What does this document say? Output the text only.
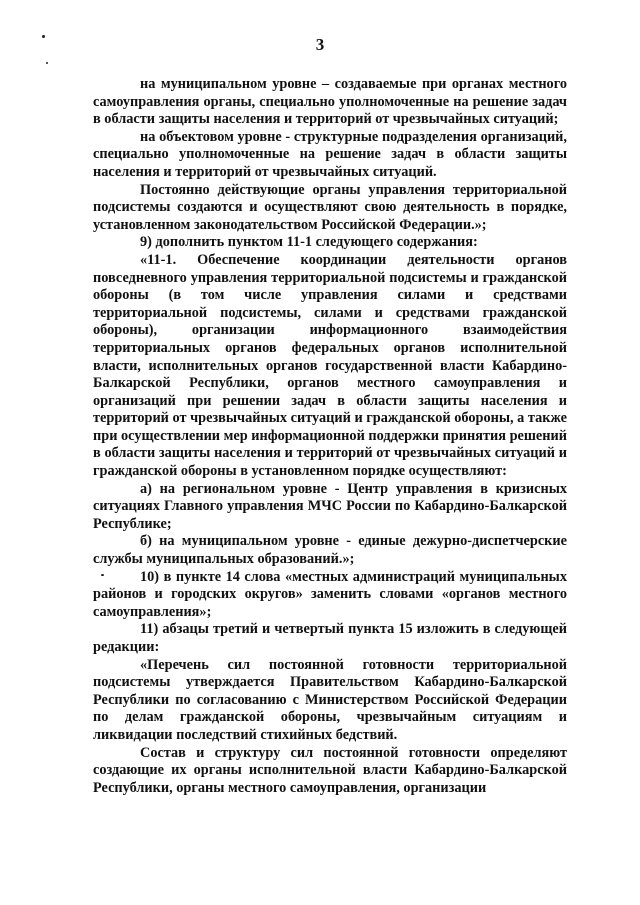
3

на муниципальном уровне – создаваемые при органах местного самоуправления органы, специально уполномоченные на решение задач в области защиты населения и территорий от чрезвычайных ситуаций;

на объектовом уровне - структурные подразделения организаций, специально уполномоченные на решение задач в области защиты населения и территорий от чрезвычайных ситуаций.

Постоянно действующие органы управления территориальной подсистемы создаются и осуществляют свою деятельность в порядке, установленном законодательством Российской Федерации.»;

9) дополнить пунктом 11-1 следующего содержания:

«11-1. Обеспечение координации деятельности органов повседневного управления территориальной подсистемы и гражданской обороны (в том числе управления силами и средствами территориальной подсистемы, силами и средствами гражданской обороны), организации информационного взаимодействия территориальных органов федеральных органов исполнительной власти, исполнительных органов государственной власти Кабардино-Балкарской Республики, органов местного самоуправления и организаций при решении задач в области защиты населения и территорий от чрезвычайных ситуаций и гражданской обороны, а также при осуществлении мер информационной поддержки принятия решений в области защиты населения и территорий от чрезвычайных ситуаций и гражданской обороны в установленном порядке осуществляют:

а) на региональном уровне - Центр управления в кризисных ситуациях Главного управления МЧС России по Кабардино-Балкарской Республике;

б) на муниципальном уровне - единые дежурно-диспетчерские службы муниципальных образований.»;

10) в пункте 14 слова «местных администраций муниципальных районов и городских округов» заменить словами «органов местного самоуправления»;

11) абзацы третий и четвертый пункта 15 изложить в следующей редакции:

«Перечень сил постоянной готовности территориальной подсистемы утверждается Правительством Кабардино-Балкарской Республики по согласованию с Министерством Российской Федерации по делам гражданской обороны, чрезвычайным ситуациям и ликвидации последствий стихийных бедствий.

Состав и структуру сил постоянной готовности определяют создающие их органы исполнительной власти Кабардино-Балкарской Республики, органы местного самоуправления, организации
